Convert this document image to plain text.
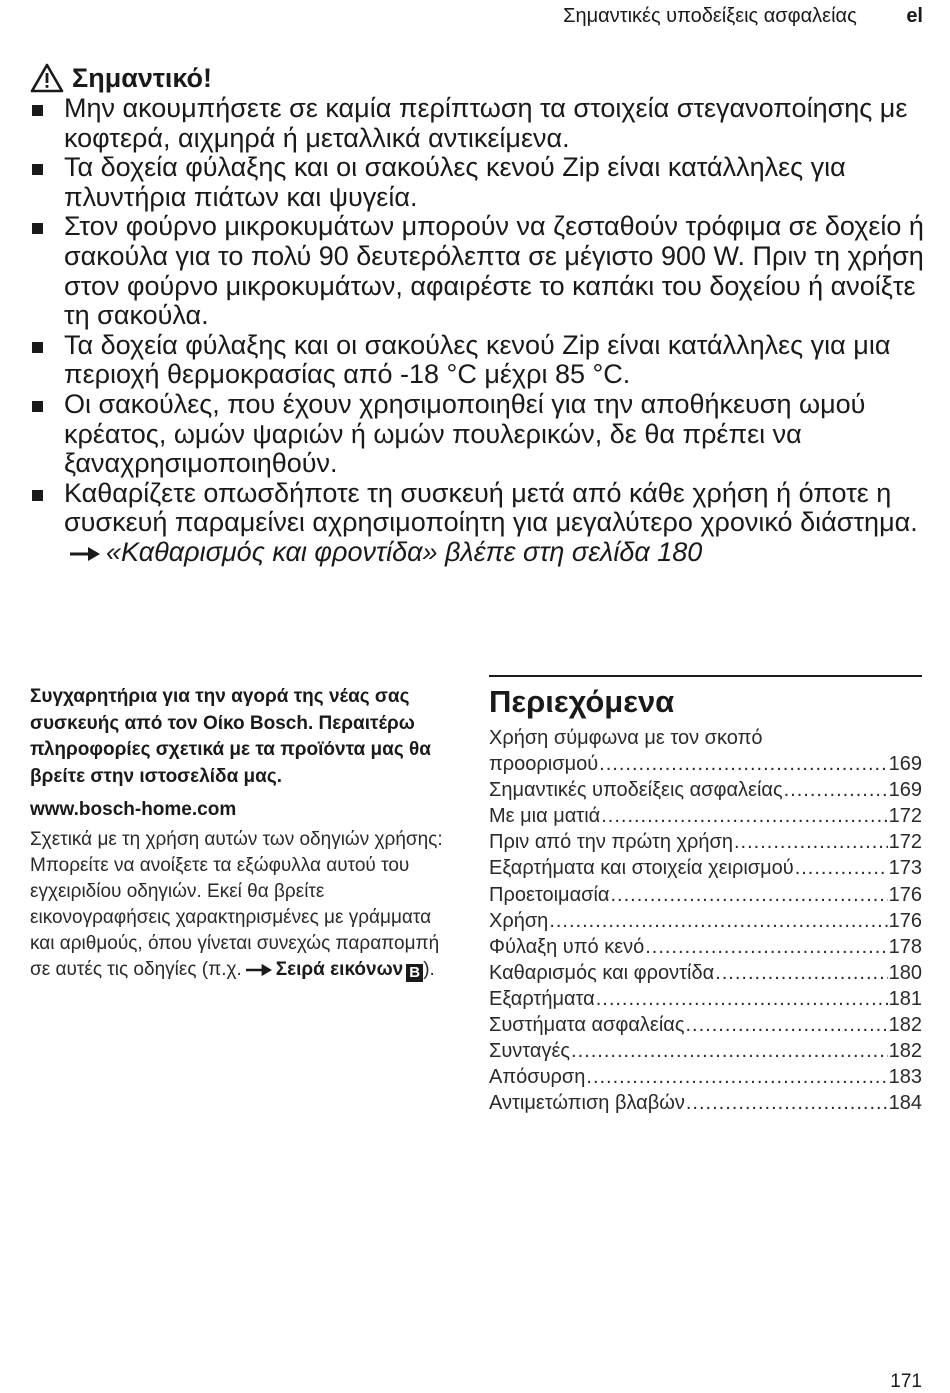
Σημαντικές υποδείξεις ασφαλείας el
Σημαντικό!
Μην ακουμπήσετε σε καμία περίπτωση τα στοιχεία στεγανοποίησης με κοφτερά, αιχμηρά ή μεταλλικά αντικείμενα.
Τα δοχεία φύλαξης και οι σακούλες κενού Zip είναι κατάλληλες για πλυντήρια πιάτων και ψυγεία.
Στον φούρνο μικροκυμάτων μπορούν να ζεσταθούν τρόφιμα σε δοχείο ή σακούλα για το πολύ 90 δευτερόλεπτα σε μέγιστο 900 W. Πριν τη χρήση στον φούρνο μικροκυμάτων, αφαιρέστε το καπάκι του δοχείου ή ανοίξτε τη σακούλα.
Τα δοχεία φύλαξης και οι σακούλες κενού Zip είναι κατάλληλες για μια περιοχή θερμοκρασίας από -18 °C μέχρι 85 °C.
Οι σακούλες, που έχουν χρησιμοποιηθεί για την αποθήκευση ωμού κρέατος, ωμών ψαριών ή ωμών πουλερικών, δε θα πρέπει να ξαναχρησιμοποιηθούν.
Καθαρίζετε οπωσδήποτε τη συσκευή μετά από κάθε χρήση ή όποτε η συσκευή παραμείνει αχρησιμοποίητη για μεγαλύτερο χρονικό διάστημα.«Καθαρισμός και φροντίδα» βλέπε στη σελίδα 180

Συγχαρητήρια για την αγορά της νέας σας συσκευής από τον Οίκο Bosch. Περαιτέρω πληροφορίες σχετικά με τα προϊόντα μας θα βρείτε στην ιστοσελίδα μας.

www.bosch-home.com

Σχετικά με τη χρήση αυτών των οδηγιών χρήσης: Μπορείτε να ανοίξετε τα εξώφυλλα αυτού του εγχειριδίου οδηγιών. Εκεί θα βρείτε εικονογραφήσεις χαρακτηρισμένες με γράμματα και αριθμούς, όπου γίνεται συνεχώς παραπομπή σε αυτές τις οδηγίες (π.χ. Σειρά εικόνων B ).

Περιεχόμενα
Χρήση σύμφωνα με τον σκοπό
προορισμού .....	169
Σημαντικές υποδείξεις ασφαλείας .....	169
Με μια ματιά .....	172
Πριν από την πρώτη χρήση .....	172
Εξαρτήματα και στοιχεία χειρισμού .....	173
Προετοιμασία .....	176
Χρήση .....	176
Φύλαξη υπό κενό .....	178
Καθαρισμός και φροντίδα .....	180
Εξαρτήματα .....	181
Συστήματα ασφαλείας .....	182
Συνταγές .....	182
Απόσυρση .....	183
Αντιμετώπιση βλαβών .....	184
171
